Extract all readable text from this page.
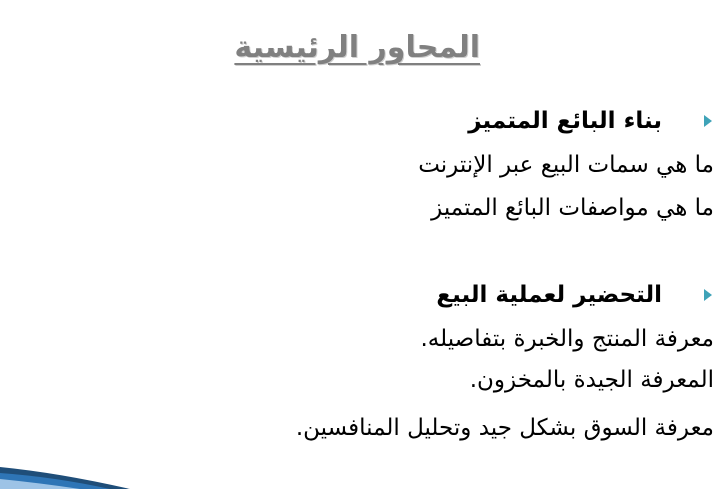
المحاور الرئيسية
بناء البائع المتميز
ما هي سمات البيع عبر الإنترنت
ما هي مواصفات البائع المتميز
التحضير لعملية البيع
معرفة المنتج والخبرة بتفاصيله.
المعرفة الجيدة بالمخزون.
معرفة السوق بشكل جيد وتحليل المنافسين.
